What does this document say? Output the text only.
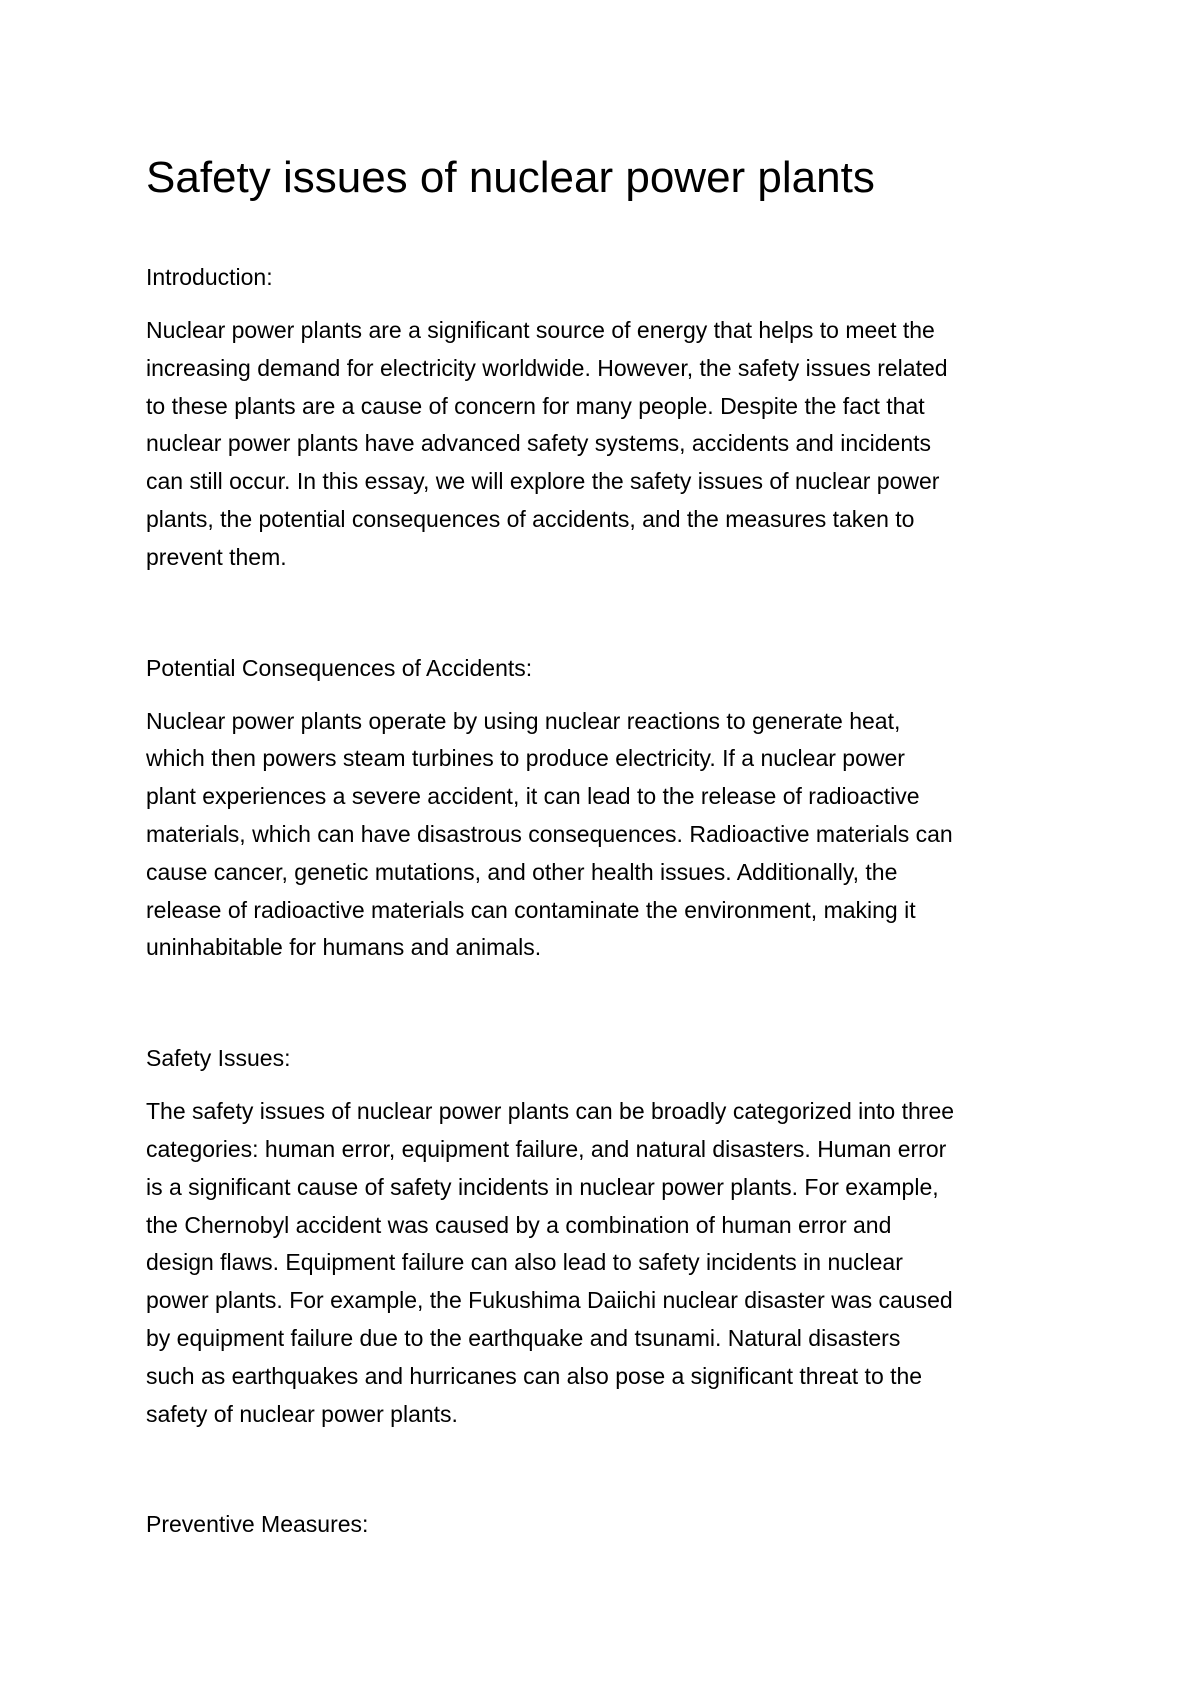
Safety issues of nuclear power plants
Introduction:

Nuclear power plants are a significant source of energy that helps to meet the
increasing demand for electricity worldwide. However, the safety issues related
to these plants are a cause of concern for many people. Despite the fact that
nuclear power plants have advanced safety systems, accidents and incidents
can still occur. In this essay, we will explore the safety issues of nuclear power
plants, the potential consequences of accidents, and the measures taken to
prevent them.

Potential Consequences of Accidents:

Nuclear power plants operate by using nuclear reactions to generate heat,
which then powers steam turbines to produce electricity. If a nuclear power
plant experiences a severe accident, it can lead to the release of radioactive
materials, which can have disastrous consequences. Radioactive materials can
cause cancer, genetic mutations, and other health issues. Additionally, the
release of radioactive materials can contaminate the environment, making it
uninhabitable for humans and animals.

Safety Issues:

The safety issues of nuclear power plants can be broadly categorized into three
categories: human error, equipment failure, and natural disasters. Human error
is a significant cause of safety incidents in nuclear power plants. For example,
the Chernobyl accident was caused by a combination of human error and
design flaws. Equipment failure can also lead to safety incidents in nuclear
power plants. For example, the Fukushima Daiichi nuclear disaster was caused
by equipment failure due to the earthquake and tsunami. Natural disasters
such as earthquakes and hurricanes can also pose a significant threat to the
safety of nuclear power plants.

Preventive Measures:
